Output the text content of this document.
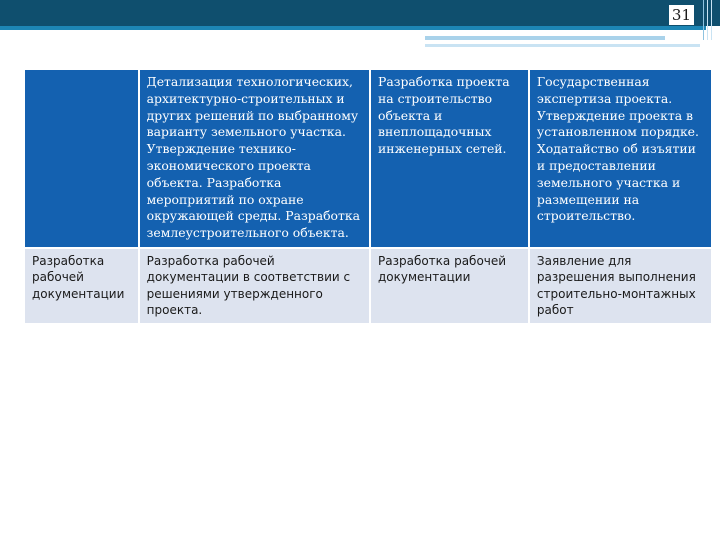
31
	Детализация технологических, архитектурно-строительных и других решений по выбранному варианту земельного участка. Утверждение технико-экономического проекта объекта. Разработка мероприятий по охране окружающей среды. Разработка землеустроительного объекта.	Разработка проекта на строительство объекта и внеплощадочных инженерных сетей.	Государственная экспертиза проекта. Утверждение проекта в установленном порядке. Ходатайство об изъятии и предоставлении земельного участка и размещении на строительство.
Разработка рабочей документации	Разработка рабочей документации в соответствии с решениями утвержденного проекта.	Разработка рабочей документации	Заявление для разрешения выполнения строительно-монтажных работ
